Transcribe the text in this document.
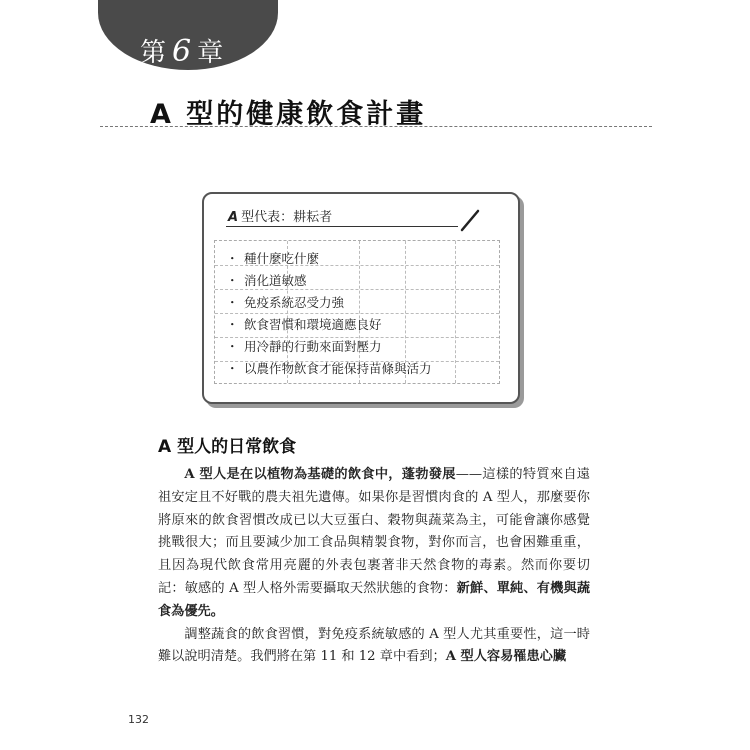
第 6 章
A 型的健康飲食計畫
A 型代表：耕耘者
・ 種什麼吃什麼
・ 消化道敏感
・ 免疫系統忍受力強
・ 飲食習慣和環境適應良好
・ 用冷靜的行動來面對壓力
・ 以農作物飲食才能保持苗條與活力
A 型人的日常飲食

A 型人是在以植物為基礎的飲食中，蓬勃發展——這樣的特質來自遠祖安定且不好戰的農夫祖先遺傳。如果你是習慣肉食的 A 型人，那麼要你將原來的飲食習慣改成已以大豆蛋白、穀物與蔬菜為主，可能會讓你感覺挑戰很大；而且要減少加工食品與精製食物，對你而言，也會困難重重，且因為現代飲食常用亮麗的外表包裹著非天然食物的毒素。然而你要切記：敏感的 A 型人格外需要攝取天然狀態的食物：新鮮、單純、有機與蔬食為優先。

調整蔬食的飲食習慣，對免疫系統敏感的 A 型人尤其重要性，這一時難以說明清楚。我們將在第 11 和 12 章中看到；A 型人容易罹患心臟

132
